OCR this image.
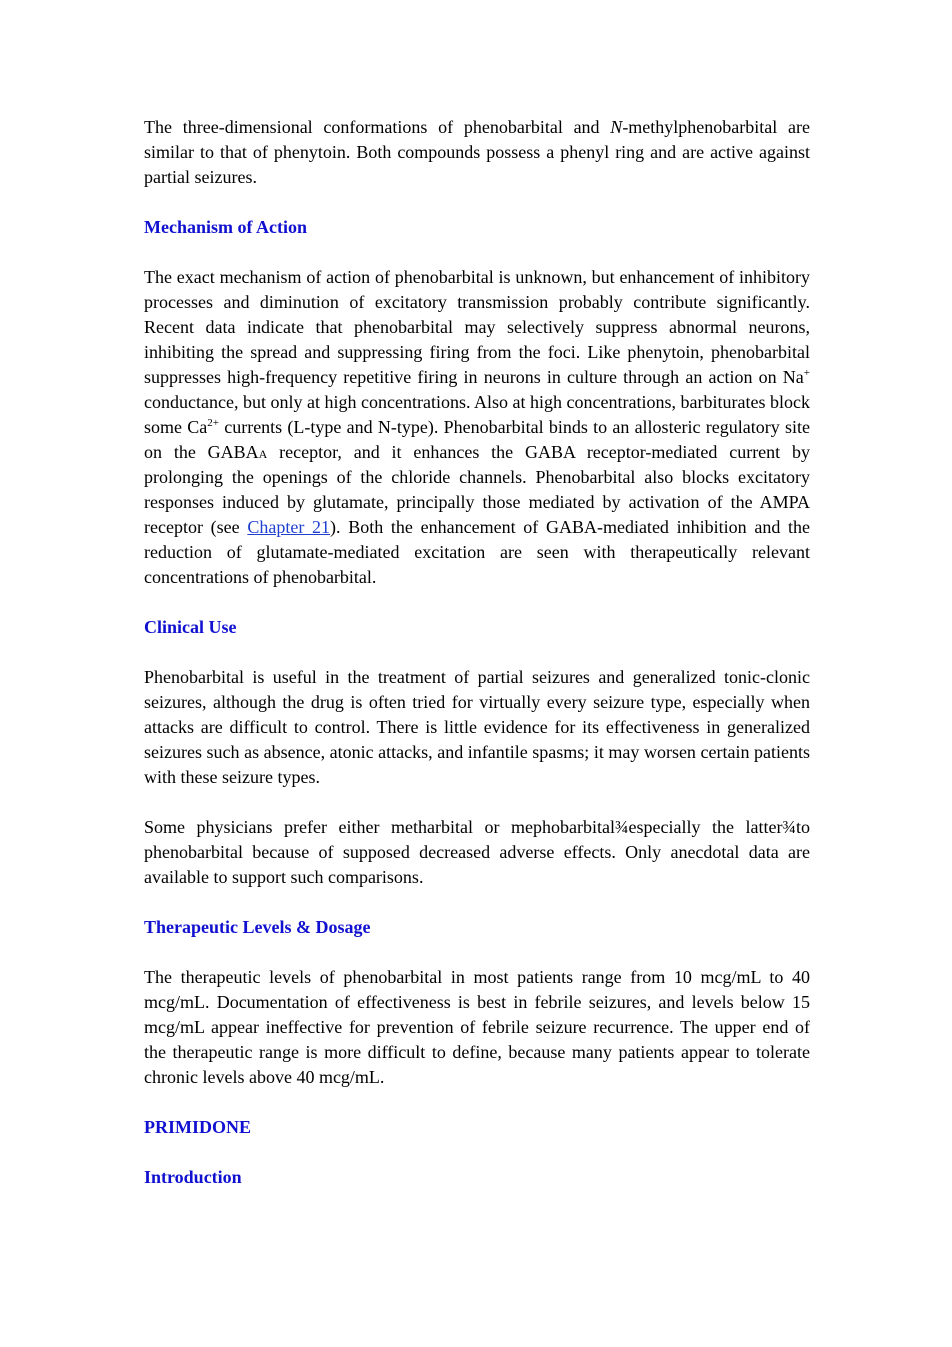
The three-dimensional conformations of phenobarbital and N-methylphenobarbital are similar to that of phenytoin. Both compounds possess a phenyl ring and are active against partial seizures.

Mechanism of Action

The exact mechanism of action of phenobarbital is unknown, but enhancement of inhibitory processes and diminution of excitatory transmission probably contribute significantly. Recent data indicate that phenobarbital may selectively suppress abnormal neurons, inhibiting the spread and suppressing firing from the foci. Like phenytoin, phenobarbital suppresses high-frequency repetitive firing in neurons in culture through an action on Na+ conductance, but only at high concentrations. Also at high concentrations, barbiturates block some $Ca^{2+}$ currents (L-type and N-type). Phenobarbital binds to an allosteric regulatory site on the GABAA receptor, and it enhances the GABA receptor-mediated current by prolonging the openings of the chloride channels. Phenobarbital also blocks excitatory responses induced by glutamate, principally those mediated by activation of the AMPA receptor (see Chapter 21). Both the enhancement of GABA-mediated inhibition and the reduction of glutamate-mediated excitation are seen with therapeutically relevant concentrations of phenobarbital.

Clinical Use

Phenobarbital is useful in the treatment of partial seizures and generalized tonic-clonic seizures, although the drug is often tried for virtually every seizure type, especially when attacks are difficult to control. There is little evidence for its effectiveness in generalized seizures such as absence, atonic attacks, and infantile spasms; it may worsen certain patients with these seizure types.

Some physicians prefer either metharbital or mephobarbital¾especially the latter¾to phenobarbital because of supposed decreased adverse effects. Only anecdotal data are available to support such comparisons.

Therapeutic Levels & Dosage

The therapeutic levels of phenobarbital in most patients range from 10 mcg/mL to 40 mcg/mL. Documentation of effectiveness is best in febrile seizures, and levels below 15 mcg/mL appear ineffective for prevention of febrile seizure recurrence. The upper end of the therapeutic range is more difficult to define, because many patients appear to tolerate chronic levels above 40 mcg/mL.

PRIMIDONE
Introduction
